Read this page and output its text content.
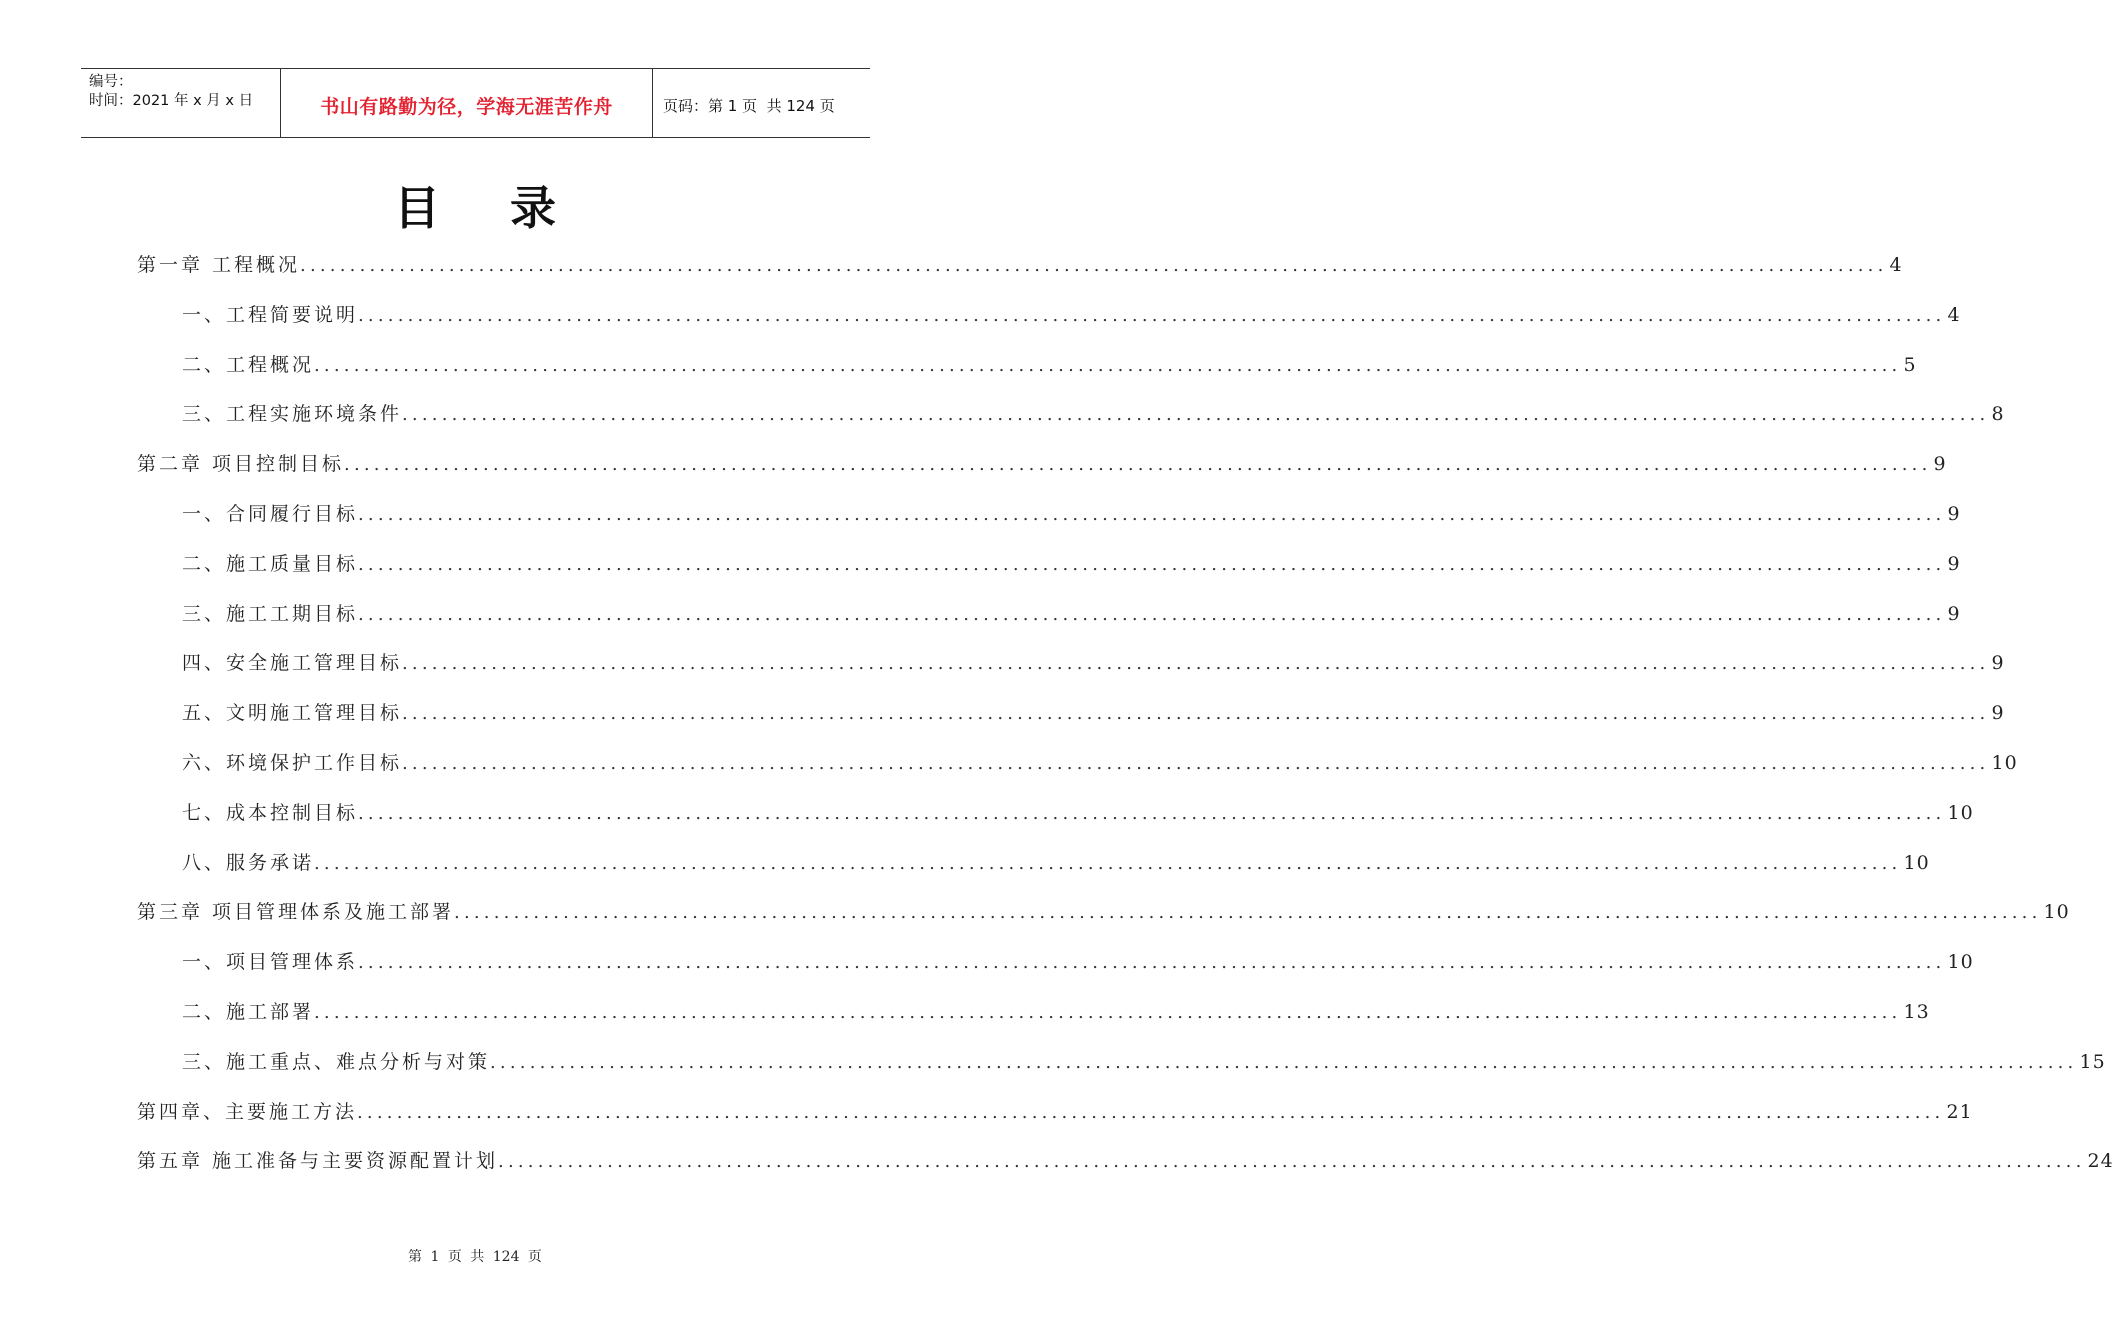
编号：
时间：2021 年 x 月 x 日	书山有路勤为径，学海无涯苦作舟	页码：第 1 页  共 124 页
目录
第一章 工程概况 ................................................................................................................................................................ 4
一、工程简要说明 ................................................................................................................................................................ 4
二、工程概况 ................................................................................................................................................................ 5
三、工程实施环境条件 ................................................................................................................................................................ 8
第二章 项目控制目标 ................................................................................................................................................................ 9
一、合同履行目标 ................................................................................................................................................................ 9
二、施工质量目标 ................................................................................................................................................................ 9
三、施工工期目标 ................................................................................................................................................................ 9
四、安全施工管理目标 ................................................................................................................................................................ 9
五、文明施工管理目标 ................................................................................................................................................................ 9
六、环境保护工作目标 ................................................................................................................................................................ 10
七、成本控制目标 ................................................................................................................................................................ 10
八、服务承诺 ................................................................................................................................................................ 10
第三章 项目管理体系及施工部署 ................................................................................................................................................................ 10
一、项目管理体系 ................................................................................................................................................................ 10
二、施工部署 ................................................................................................................................................................ 13
三、施工重点、难点分析与对策 ................................................................................................................................................................ 15
第四章、主要施工方法 ................................................................................................................................................................ 21
第五章 施工准备与主要资源配置计划 ................................................................................................................................................................ 24
第 1 页 共 124 页
